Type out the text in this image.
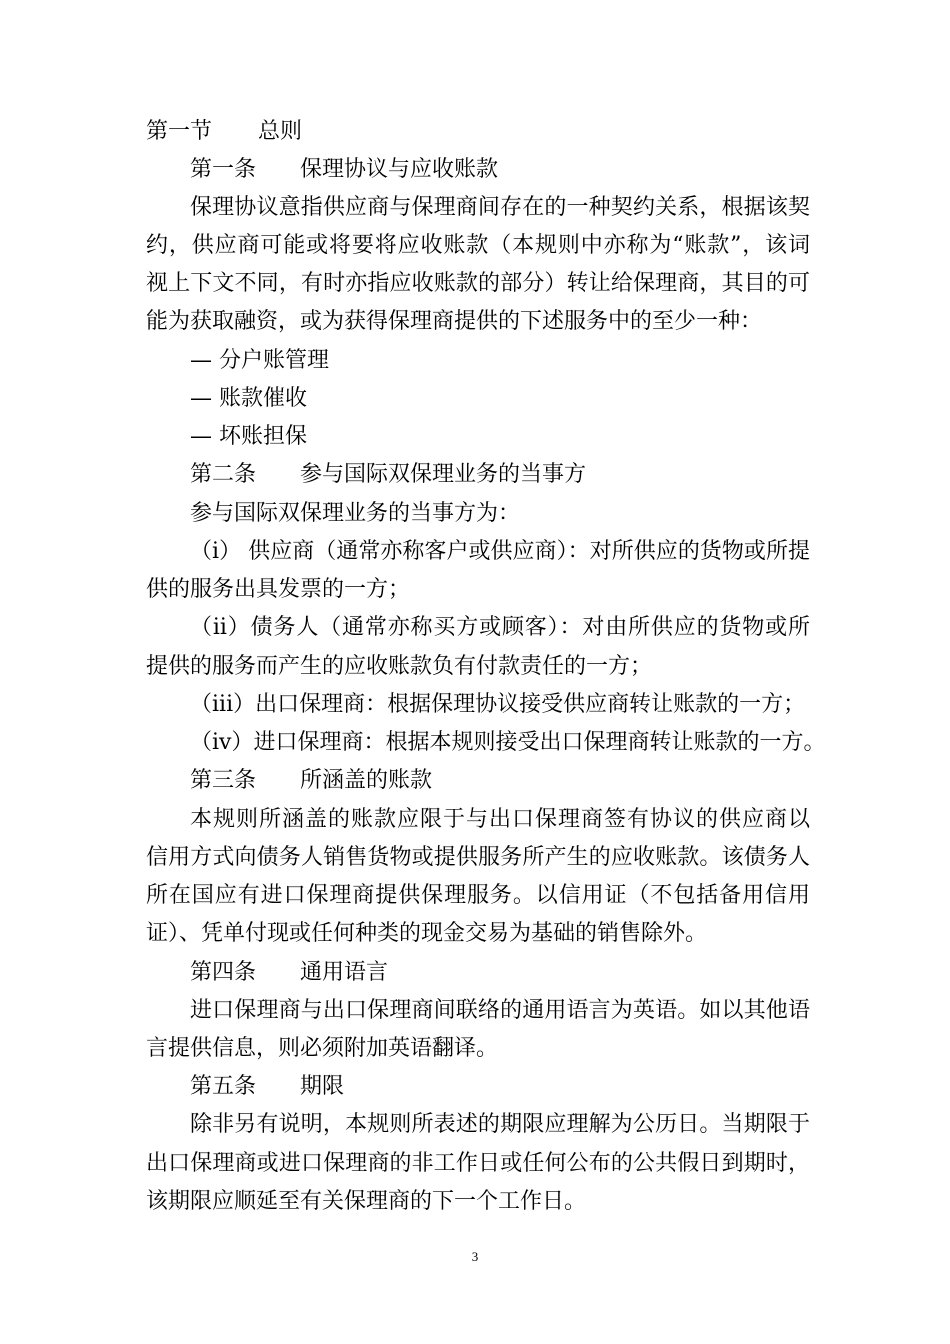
第一节 总则
第一条 保理协议与应收账款
保理协议意指供应商与保理商间存在的一种契约关系，根据该契
约，供应商可能或将要将应收账款（本规则中亦称为“账款”，该词
视上下文不同，有时亦指应收账款的部分）转让给保理商，其目的可
能为获取融资，或为获得保理商提供的下述服务中的至少一种：
— 分户账管理
— 账款催收
— 坏账担保
第二条 参与国际双保理业务的当事方
参与国际双保理业务的当事方为：
（i） 供应商（通常亦称客户或供应商）：对所供应的货物或所提
供的服务出具发票的一方；
（ii）债务人（通常亦称买方或顾客）：对由所供应的货物或所
提供的服务而产生的应收账款负有付款责任的一方；
（iii）出口保理商：根据保理协议接受供应商转让账款的一方；
（iv）进口保理商：根据本规则接受出口保理商转让账款的一方。
第三条 所涵盖的账款
本规则所涵盖的账款应限于与出口保理商签有协议的供应商以
信用方式向债务人销售货物或提供服务所产生的应收账款。该债务人
所在国应有进口保理商提供保理服务。以信用证（不包括备用信用
证）、凭单付现或任何种类的现金交易为基础的销售除外。
第四条 通用语言
进口保理商与出口保理商间联络的通用语言为英语。如以其他语
言提供信息，则必须附加英语翻译。
第五条 期限
除非另有说明，本规则所表述的期限应理解为公历日。当期限于
出口保理商或进口保理商的非工作日或任何公布的公共假日到期时，
该期限应顺延至有关保理商的下一个工作日。
3
